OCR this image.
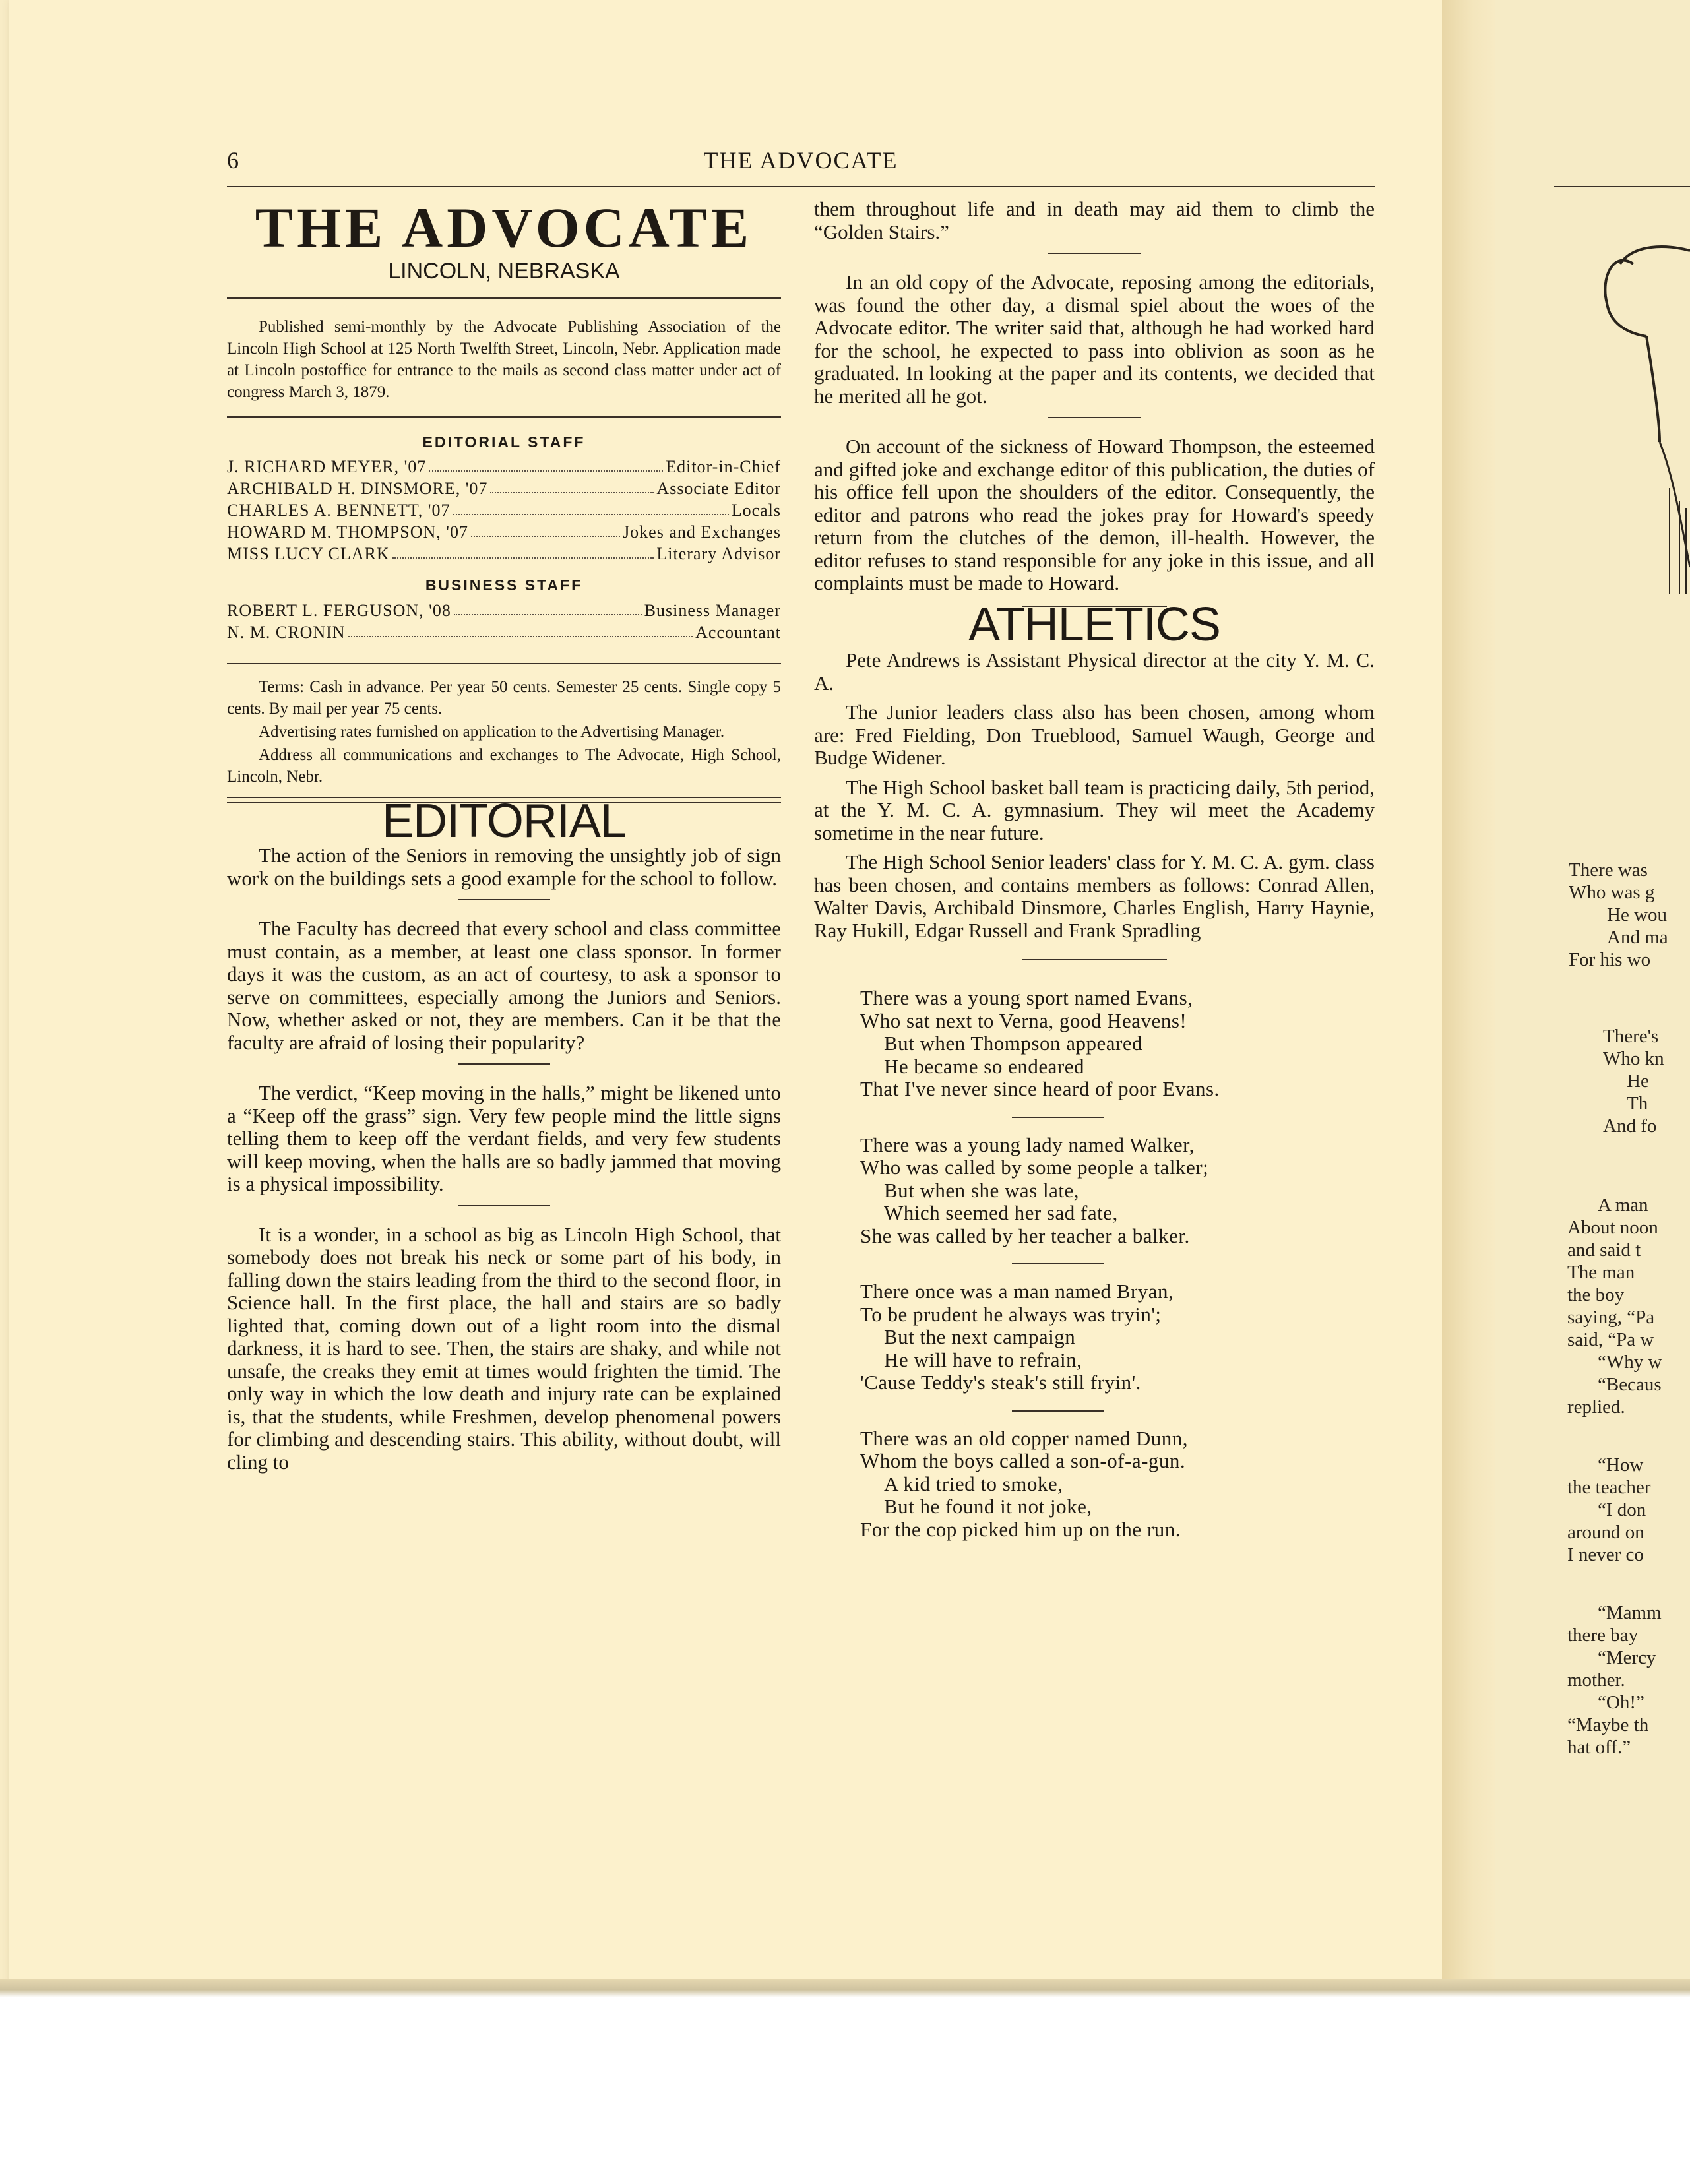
6	THE ADVOCATE
THE ADVOCATE
LINCOLN, NEBRASKA

Published semi-monthly by the Advocate Publishing Association of the Lincoln High School at 125 North Twelfth Street, Lincoln, Nebr. Application made at Lincoln postoffice for entrance to the mails as second class matter under act of congress March 3, 1879.

EDITORIAL STAFF
J. RICHARD MEYER, '07	Editor-in-Chief
ARCHIBALD H. DINSMORE, '07	Associate Editor
CHARLES A. BENNETT, '07	Locals
HOWARD M. THOMPSON, '07	Jokes and Exchanges
MISS LUCY CLARK	Literary Advisor
BUSINESS STAFF
ROBERT L. FERGUSON, '08	Business Manager
N. M. CRONIN	Accountant

Terms: Cash in advance. Per year 50 cents. Semester 25 cents. Single copy 5 cents. By mail per year 75 cents.

Advertising rates furnished on application to the Advertising Manager.

Address all communications and exchanges to The Advocate, High School, Lincoln, Nebr.

EDITORIAL

The action of the Seniors in removing the unsightly job of sign work on the buildings sets a good example for the school to follow.

The Faculty has decreed that every school and class committee must contain, as a member, at least one class sponsor. In former days it was the custom, as an act of courtesy, to ask a sponsor to serve on committees, especially among the Juniors and Seniors. Now, whether asked or not, they are members. Can it be that the faculty are afraid of losing their popularity?

The verdict, “Keep moving in the halls,” might be likened unto a “Keep off the grass” sign. Very few people mind the little signs telling them to keep off the verdant fields, and very few students will keep moving, when the halls are so badly jammed that moving is a physical impossibility.

It is a wonder, in a school as big as Lincoln High School, that somebody does not break his neck or some part of his body, in falling down the stairs leading from the third to the second floor, in Science hall. In the first place, the hall and stairs are so badly lighted that, coming down out of a light room into the dismal darkness, it is hard to see. Then, the stairs are shaky, and while not unsafe, the creaks they emit at times would frighten the timid. The only way in which the low death and injury rate can be explained is, that the students, while Freshmen, develop phenomenal powers for climbing and descending stairs. This ability, without doubt, will cling to

them throughout life and in death may aid them to climb the “Golden Stairs.”

In an old copy of the Advocate, reposing among the editorials, was found the other day, a dismal spiel about the woes of the Advocate editor. The writer said that, although he had worked hard for the school, he expected to pass into oblivion as soon as he graduated. In looking at the paper and its contents, we decided that he merited all he got.

On account of the sickness of Howard Thompson, the esteemed and gifted joke and exchange editor of this publication, the duties of his office fell upon the shoulders of the editor. Consequently, the editor and patrons who read the jokes pray for Howard's speedy return from the clutches of the demon, ill-health. However, the editor refuses to stand responsible for any joke in this issue, and all complaints must be made to Howard.

ATHLETICS

Pete Andrews is Assistant Physical director at the city Y. M. C. A.

The Junior leaders class also has been chosen, among whom are: Fred Fielding, Don Trueblood, Samuel Waugh, George and Budge Widener.

The High School basket ball team is practicing daily, 5th period, at the Y. M. C. A. gymnasium. They wil meet the Academy sometime in the near future.

The High School Senior leaders' class for Y. M. C. A. gym. class has been chosen, and contains members as follows: Conrad Allen, Walter Davis, Archibald Dinsmore, Charles English, Harry Haynie, Ray Hukill, Edgar Russell and Frank Spradling

There was a young sport named Evans,
Who sat next to Verna, good Heavens!
But when Thompson appeared
He became so endeared
That I've never since heard of poor Evans.
There was a young lady named Walker,
Who was called by some people a talker;
But when she was late,
Which seemed her sad fate,
She was called by her teacher a balker.
There once was a man named Bryan,
To be prudent he always was tryin';
But the next campaign
He will have to refrain,
'Cause Teddy's steak's still fryin'.
There was an old copper named Dunn,
Whom the boys called a son-of-a-gun.
A kid tried to smoke,
But he found it not joke,
For the cop picked him up on the run.
There was
Who was g
He wou
And ma
For his wo
There's
Who kn
He
Th
And fo
A man
About noon
and said t
The man
the boy
saying, “Pa
said, “Pa w
“Why w
“Becaus
replied.
“How
the teacher
“I don
around on
I never co
“Mamm
there bay
“Mercy
mother.
“Oh!”
“Maybe th
hat off.”
